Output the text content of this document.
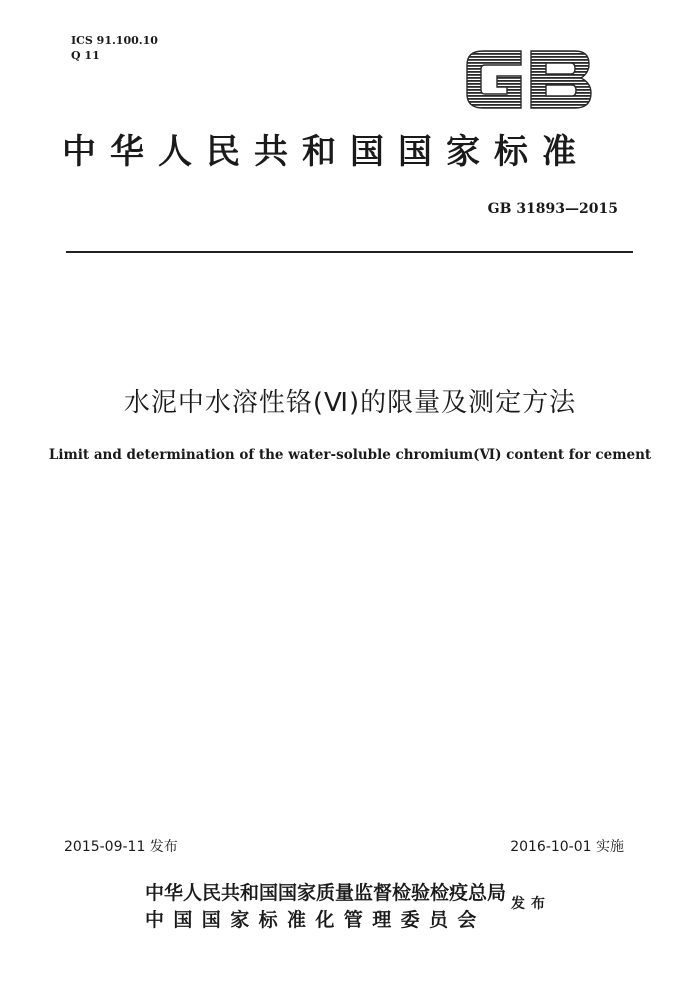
ICS 91.100.10
Q 11
中华人民共和国国家标准
GB 31893—2015
水泥中水溶性铬(Ⅵ)的限量及测定方法
Limit and determination of the water-soluble chromium(Ⅵ) content for cement
2015-09-11 发布	2016-10-01 实施
中华人民共和国国家质量监督检验检疫总局
中国国家标准化管理委员会
发布
